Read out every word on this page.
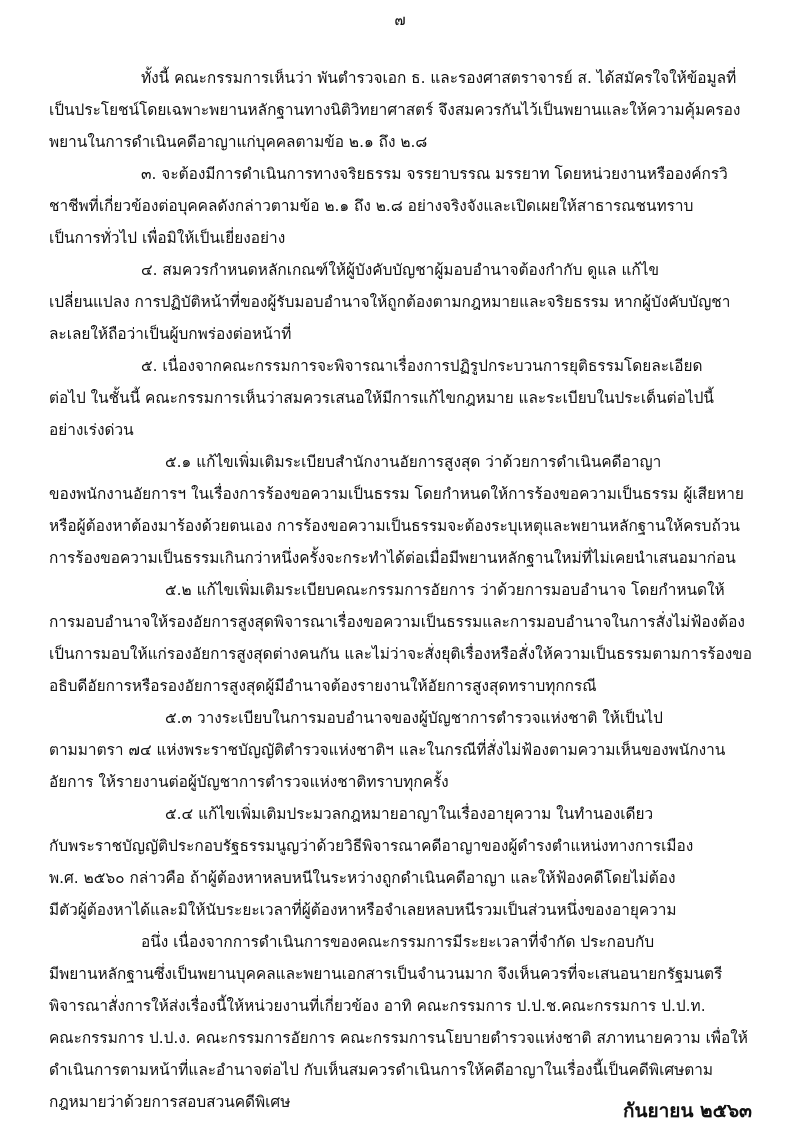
๗
ทั้งนี้ คณะกรรมการเห็นว่า พันตำรวจเอก ธ. และรองศาสตราจารย์ ส. ได้สมัครใจให้ข้อมูลที่
เป็นประโยชน์โดยเฉพาะพยานหลักฐานทางนิติวิทยาศาสตร์ จึงสมควรกันไว้เป็นพยานและให้ความคุ้มครอง
พยานในการดำเนินคดีอาญาแก่บุคคลตามข้อ ๒.๑ ถึง ๒.๘
๓. จะต้องมีการดำเนินการทางจริยธรรม จรรยาบรรณ มรรยาท โดยหน่วยงานหรือองค์กรวิ
ชาชีพที่เกี่ยวข้องต่อบุคคลดังกล่าวตามข้อ ๒.๑ ถึง ๒.๘ อย่างจริงจังและเปิดเผยให้สาธารณชนทราบ
เป็นการทั่วไป เพื่อมิให้เป็นเยี่ยงอย่าง
๔. สมควรกำหนดหลักเกณฑ์ให้ผู้บังคับบัญชาผู้มอบอำนาจต้องกำกับ ดูแล แก้ไข
เปลี่ยนแปลง การปฏิบัติหน้าที่ของผู้รับมอบอำนาจให้ถูกต้องตามกฎหมายและจริยธรรม หากผู้บังคับบัญชา
ละเลยให้ถือว่าเป็นผู้บกพร่องต่อหน้าที่
๕. เนื่องจากคณะกรรมการจะพิจารณาเรื่องการปฏิรูปกระบวนการยุติธรรมโดยละเอียด
ต่อไป ในชั้นนี้ คณะกรรมการเห็นว่าสมควรเสนอให้มีการแก้ไขกฎหมาย และระเบียบในประเด็นต่อไปนี้
อย่างเร่งด่วน
๕.๑ แก้ไขเพิ่มเติมระเบียบสำนักงานอัยการสูงสุด ว่าด้วยการดำเนินคดีอาญา
ของพนักงานอัยการฯ ในเรื่องการร้องขอความเป็นธรรม โดยกำหนดให้การร้องขอความเป็นธรรม ผู้เสียหาย
หรือผู้ต้องหาต้องมาร้องด้วยตนเอง การร้องขอความเป็นธรรมจะต้องระบุเหตุและพยานหลักฐานให้ครบถ้วน
การร้องขอความเป็นธรรมเกินกว่าหนึ่งครั้งจะกระทำได้ต่อเมื่อมีพยานหลักฐานใหม่ที่ไม่เคยนำเสนอมาก่อน
๕.๒ แก้ไขเพิ่มเติมระเบียบคณะกรรมการอัยการ ว่าด้วยการมอบอำนาจ โดยกำหนดให้
การมอบอำนาจให้รองอัยการสูงสุดพิจารณาเรื่องขอความเป็นธรรมและการมอบอำนาจในการสั่งไม่ฟ้องต้อง
เป็นการมอบให้แก่รองอัยการสูงสุดต่างคนกัน และไม่ว่าจะสั่งยุติเรื่องหรือสั่งให้ความเป็นธรรมตามการร้องขอ
อธิบดีอัยการหรือรองอัยการสูงสุดผู้มีอำนาจต้องรายงานให้อัยการสูงสุดทราบทุกกรณี
๕.๓ วางระเบียบในการมอบอำนาจของผู้บัญชาการตำรวจแห่งชาติ ให้เป็นไป
ตามมาตรา ๗๔ แห่งพระราชบัญญัติตำรวจแห่งชาติฯ และในกรณีที่สั่งไม่ฟ้องตามความเห็นของพนักงาน
อัยการ ให้รายงานต่อผู้บัญชาการตำรวจแห่งชาติทราบทุกครั้ง
๕.๔ แก้ไขเพิ่มเติมประมวลกฎหมายอาญาในเรื่องอายุความ ในทำนองเดียว
กับพระราชบัญญัติประกอบรัฐธรรมนูญว่าด้วยวิธีพิจารณาคดีอาญาของผู้ดำรงตำแหน่งทางการเมือง
พ.ศ. ๒๕๖๐ กล่าวคือ ถ้าผู้ต้องหาหลบหนีในระหว่างถูกดำเนินคดีอาญา และให้ฟ้องคดีโดยไม่ต้อง
มีตัวผู้ต้องหาได้และมิให้นับระยะเวลาที่ผู้ต้องหาหรือจำเลยหลบหนีรวมเป็นส่วนหนึ่งของอายุความ
อนึ่ง เนื่องจากการดำเนินการของคณะกรรมการมีระยะเวลาที่จำกัด ประกอบกับ
มีพยานหลักฐานซึ่งเป็นพยานบุคคลและพยานเอกสารเป็นจำนวนมาก จึงเห็นควรที่จะเสนอนายกรัฐมนตรี
พิจารณาสั่งการให้ส่งเรื่องนี้ให้หน่วยงานที่เกี่ยวข้อง อาทิ คณะกรรมการ ป.ป.ช.คณะกรรมการ ป.ป.ท.
คณะกรรมการ ป.ป.ง. คณะกรรมการอัยการ คณะกรรมการนโยบายตำรวจแห่งชาติ สภาทนายความ เพื่อให้
ดำเนินการตามหน้าที่และอำนาจต่อไป กับเห็นสมควรดำเนินการให้คดีอาญาในเรื่องนี้เป็นคดีพิเศษตาม
กฎหมายว่าด้วยการสอบสวนคดีพิเศษ	กันยายน ๒๕๖๓
